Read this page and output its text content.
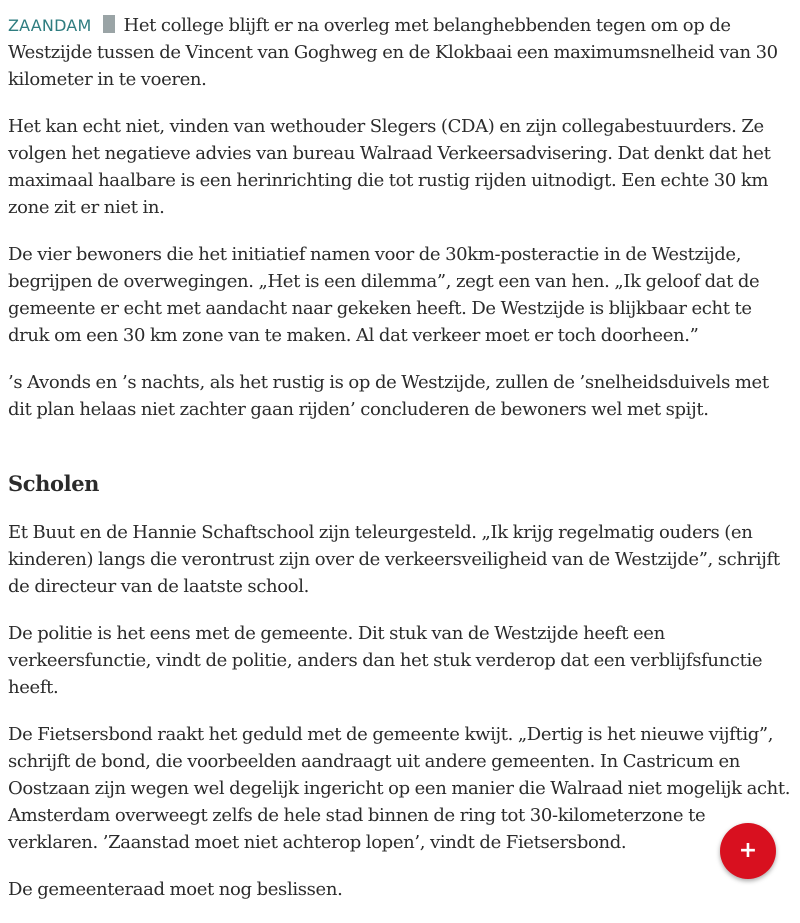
ZAANDAM Het college blijft er na overleg met belanghebbenden tegen om op de Westzijde tussen de Vincent van Goghweg en de Klokbaai een maximumsnelheid van 30 kilometer in te voeren.

Het kan echt niet, vinden van wethouder Slegers (CDA) en zijn collegabestuurders. Ze volgen het negatieve advies van bureau Walraad Verkeersadvisering. Dat denkt dat het maximaal haalbare is een herinrichting die tot rustig rijden uitnodigt. Een echte 30 km zone zit er niet in.

De vier bewoners die het initiatief namen voor de 30km-posteractie in de Westzijde, begrijpen de overwegingen. „Het is een dilemma”, zegt een van hen. „Ik geloof dat de gemeente er echt met aandacht naar gekeken heeft. De Westzijde is blijkbaar echt te druk om een 30 km zone van te maken. Al dat verkeer moet er toch doorheen.”

’s Avonds en ’s nachts, als het rustig is op de Westzijde, zullen de ’snelheidsduivels met dit plan helaas niet zachter gaan rijden’ concluderen de bewoners wel met spijt.

Scholen

Et Buut en de Hannie Schaftschool zijn teleurgesteld. „Ik krijg regelmatig ouders (en kinderen) langs die verontrust zijn over de verkeersveiligheid van de Westzijde”, schrijft de directeur van de laatste school.

De politie is het eens met de gemeente. Dit stuk van de Westzijde heeft een verkeersfunctie, vindt de politie, anders dan het stuk verderop dat een verblijfsfunctie heeft.

De Fietsersbond raakt het geduld met de gemeente kwijt. „Dertig is het nieuwe vijftig”, schrijft de bond, die voorbeelden aandraagt uit andere gemeenten. In Castricum en Oostzaan zijn wegen wel degelijk ingericht op een manier die Walraad niet mogelijk acht. Amsterdam overweegt zelfs de hele stad binnen de ring tot 30-kilometerzone te verklaren. ’Zaanstad moet niet achterop lopen’, vindt de Fietsersbond.

De gemeenteraad moet nog beslissen.

+
